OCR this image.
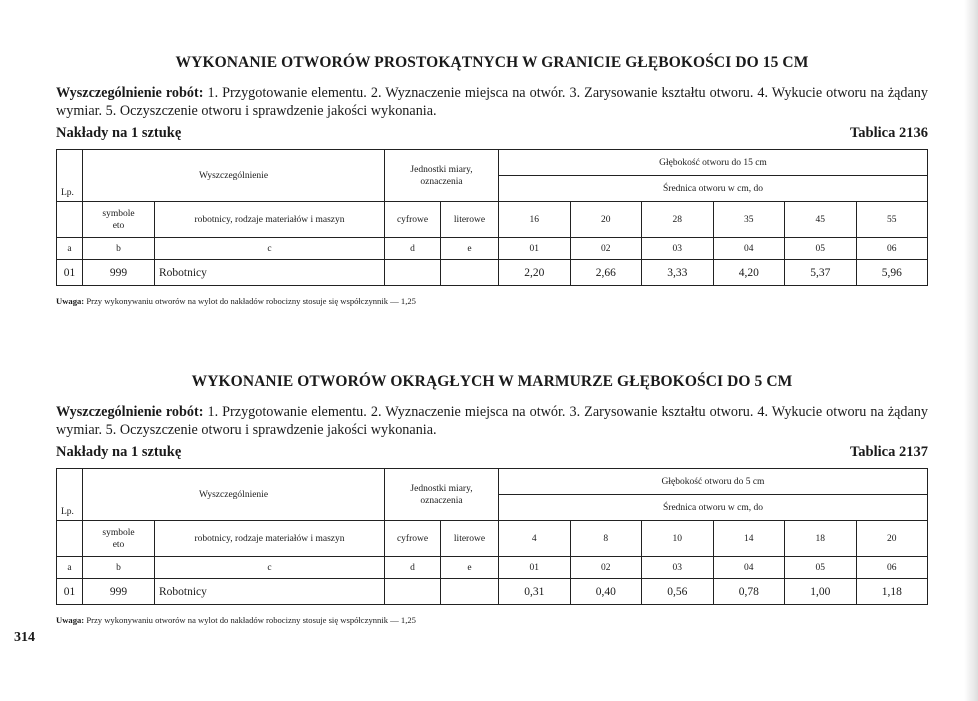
314
WYKONANIE OTWORÓW PROSTOKĄTNYCH W GRANICIE GŁĘBOKOŚCI DO 15 CM
Wyszczególnienie robót: 1. Przygotowanie elementu. 2. Wyznaczenie miejsca na otwór. 3. Zarysowanie kształtu otworu. 4. Wykucie otworu na żądany wymiar. 5. Oczyszczenie otworu i sprawdzenie jakości wykonania.
Nakłady na 1 sztukę	Tablica 2136
Lp.	Wyszczególnienie		Jednostki miary, oznaczenia		Głębokość otworu do 15 cm					
					Średnica otworu w cm, do					
	symbole eto	robotnicy, rodzaje materiałów i maszyn	cyfrowe	literowe	16	20	28	35	45	55
a	b	c	d	e	01	02	03	04	05	06
01	999	Robotnicy			2,20	2,66	3,33	4,20	5,37	5,96
Uwaga: Przy wykonywaniu otworów na wylot do nakładów robocizny stosuje się współczynnik — 1,25
WYKONANIE OTWORÓW OKRĄGŁYCH W MARMURZE GŁĘBOKOŚCI DO 5 CM
Wyszczególnienie robót: 1. Przygotowanie elementu. 2. Wyznaczenie miejsca na otwór. 3. Zarysowanie kształtu otworu. 4. Wykucie otworu na żądany wymiar. 5. Oczyszczenie otworu i sprawdzenie jakości wykonania.
Nakłady na 1 sztukę	Tablica 2137
Lp.	Wyszczególnienie		Jednostki miary, oznaczenia		Głębokość otworu do 5 cm					
					Średnica otworu w cm, do					
	symbole eto	robotnicy, rodzaje materiałów i maszyn	cyfrowe	literowe	4	8	10	14	18	20
a	b	c	d	e	01	02	03	04	05	06
01	999	Robotnicy			0,31	0,40	0,56	0,78	1,00	1,18
Uwaga: Przy wykonywaniu otworów na wylot do nakładów robocizny stosuje się współczynnik — 1,25
